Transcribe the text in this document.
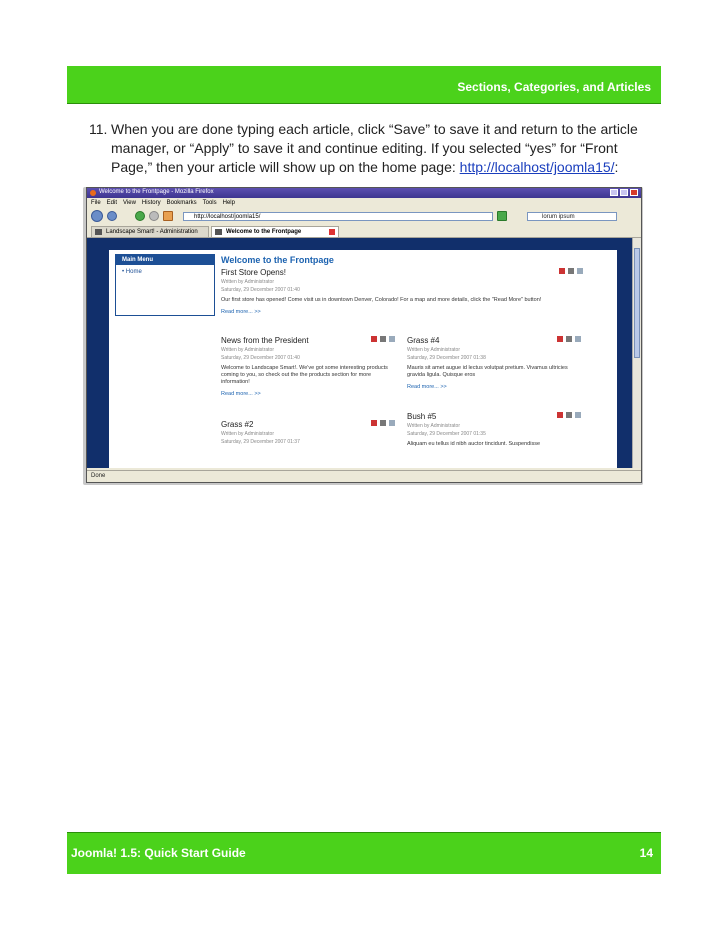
Sections, Categories, and Articles
11. When you are done typing each article, click “Save” to save it and return to the article manager, or “Apply” to save it and continue editing. If you selected “yes” for “Front Page,” then your article will show up on the home page: http://localhost/joomla15/:
Welcome to the Frontpage - Mozilla Firefox
File Edit View History Bookmarks Tools Help
http://localhost/joomla15/	lorum ipsum
Landscape Smart! - Administration	Welcome to the Frontpage
Main Menu
• Home
Welcome to the Frontpage
First Store Opens!
Written by Administrator
Saturday, 29 December 2007 01:40
Our first store has opened! Come visit us in downtown Denver, Colorado! For a map and more details, click the "Read More" button!
Read more... >>
News from the President
Written by Administrator
Saturday, 29 December 2007 01:40
Welcome to Landscape Smart!. We've got some interesting products coming to you, so check out the the products section for more information!
Read more... >>
Grass #4
Written by Administrator
Saturday, 29 December 2007 01:38
Mauris sit amet augue id lectus volutpat pretium. Vivamus ultricies gravida ligula. Quisque eros
Read more... >>
Grass #2
Written by Administrator
Saturday, 29 December 2007 01:37
Bush #5
Written by Administrator
Saturday, 29 December 2007 01:35
Aliquam eu tellus id nibh auctor tincidunt. Suspendisse
Done
Joomla! 1.5: Quick Start Guide	14
